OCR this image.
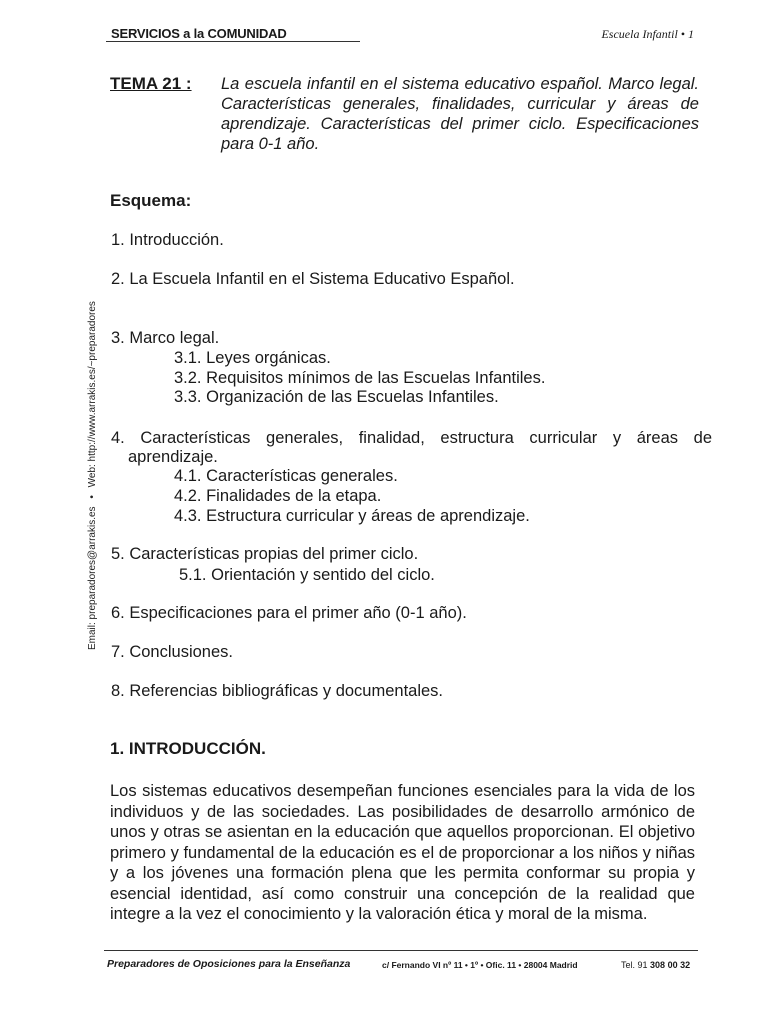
SERVICIOS a la COMUNIDAD	Escuela Infantil • 1
Email: preparadores@arrakis.es • Web: http://www.arrakis.es/~preparadores
TEMA 21 : La escuela infantil en el sistema educativo español. Marco legal. Características generales, finalidades, curricular y áreas de aprendizaje. Características del primer ciclo. Especificaciones para 0-1 año.
Esquema:
1. Introducción.
2. La Escuela Infantil en el Sistema Educativo Español.
3. Marco legal.
3.1. Leyes orgánicas.
3.2. Requisitos mínimos de las Escuelas Infantiles.
3.3. Organización de las Escuelas Infantiles.
4. Características generales, finalidad, estructura curricular y áreas de aprendizaje.
4.1. Características generales.
4.2. Finalidades de la etapa.
4.3. Estructura curricular y áreas de aprendizaje.
5. Características propias del primer ciclo.
5.1. Orientación y sentido del ciclo.
6. Especificaciones para el primer año (0-1 año).
7. Conclusiones.
8. Referencias bibliográficas y documentales.
1. INTRODUCCIÓN.
Los sistemas educativos desempeñan funciones esenciales para la vida de los individuos y de las sociedades. Las posibilidades de desarrollo armónico de unos y otras se asientan en la educación que aquellos proporcionan. El objetivo primero y fundamental de la educación es el de proporcionar a los niños y niñas y a los jóvenes una formación plena que les permita conformar su propia y esencial identidad, así como construir una concepción de la realidad que integre a la vez el conocimiento y la valoración ética y moral de la misma.
Preparadores de Oposiciones para la Enseñanza	c/ Fernando VI nº 11 • 1º • Ofic. 11 • 28004 Madrid	Tel. 91 308 00 32
